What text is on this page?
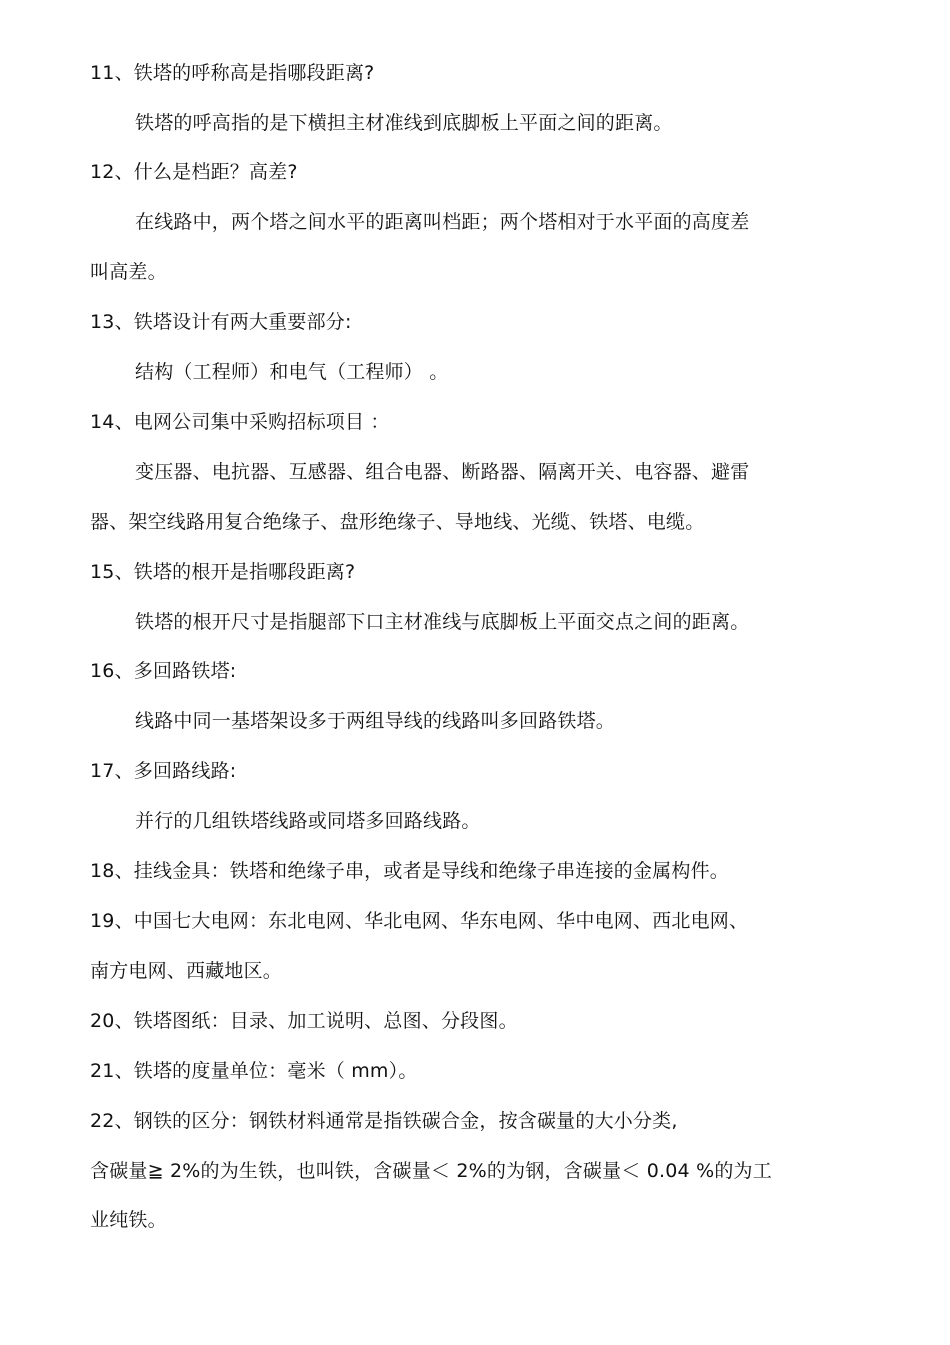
11、铁塔的呼称高是指哪段距离?
铁塔的呼高指的是下横担主材准线到底脚板上平面之间的距离。
12、什么是档距？高差?
在线路中，两个塔之间水平的距离叫档距；两个塔相对于水平面的高度差
叫高差。
13、铁塔设计有两大重要部分:
结构（工程师）和电气（工程师） 。
14、电网公司集中采购招标项目 ：
变压器、电抗器、互感器、组合电器、断路器、隔离开关、电容器、避雷
器、架空线路用复合绝缘子、盘形绝缘子、导地线、光缆、铁塔、电缆。
15、铁塔的根开是指哪段距离?
铁塔的根开尺寸是指腿部下口主材准线与底脚板上平面交点之间的距离。
16、多回路铁塔:
线路中同一基塔架设多于两组导线的线路叫多回路铁塔。
17、多回路线路:
并行的几组铁塔线路或同塔多回路线路。
18、挂线金具：铁塔和绝缘子串，或者是导线和绝缘子串连接的金属构件。
19、中国七大电网：东北电网、华北电网、华东电网、华中电网、西北电网、
南方电网、西藏地区。
20、铁塔图纸：目录、加工说明、总图、分段图。
21、铁塔的度量单位：毫米（ mm）。
22、钢铁的区分：钢铁材料通常是指铁碳合金，按含碳量的大小分类,
含碳量≧ 2%的为生铁，也叫铁，含碳量＜ 2%的为钢，含碳量＜ 0.04 %的为工
业纯铁。
